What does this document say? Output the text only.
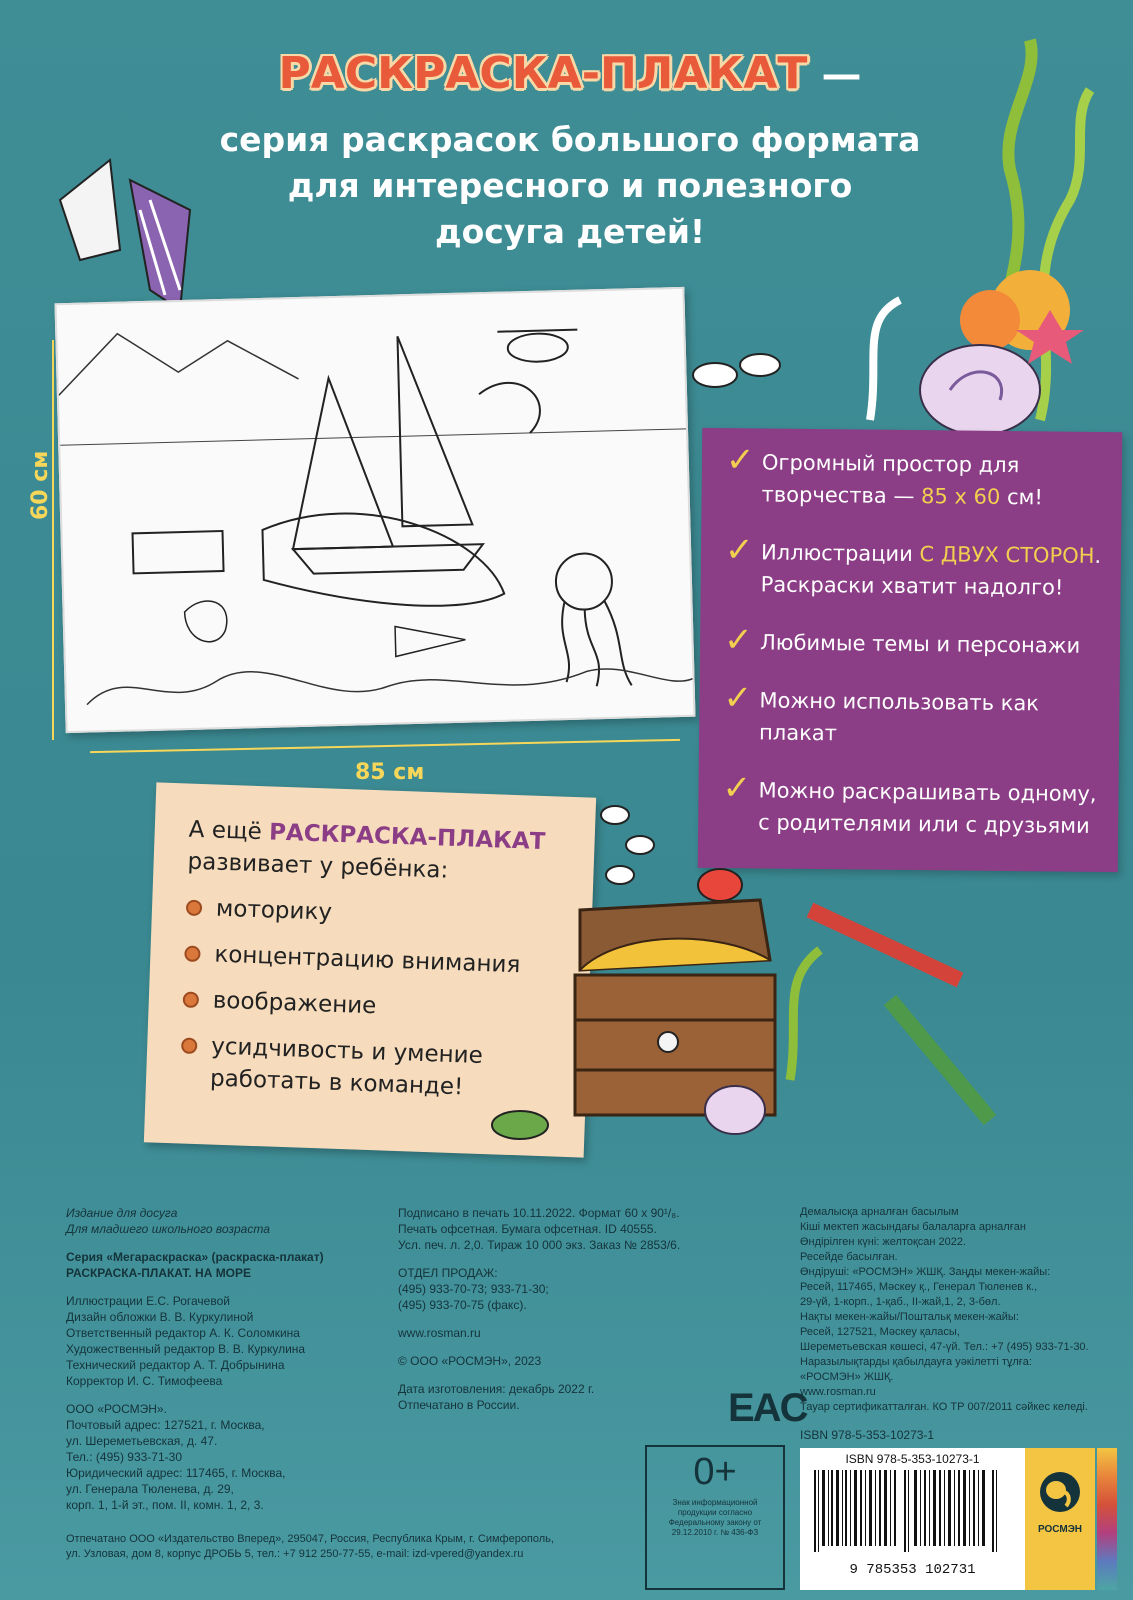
РАСКРАСКА-ПЛАКАТ —
серия раскрасок большого формата
для интересного и полезного
досуга детей!
60 см
85 см
✓ Огромный простор для творчества — 85 x 60 см!
✓ Иллюстрации С ДВУХ СТОРОН. Раскраски хватит надолго!
✓ Любимые темы и персонажи
✓ Можно использовать как плакат
✓ Можно раскрашивать одному, с родителями или с друзьями
А ещё РАСКРАСКА-ПЛАКАТ развивает у ребёнка:
моторику
концентрацию внимания
воображение
усидчивость и умение работать в команде!

Издание для досуга
Для младшего школьного возраста

Серия «Мегараскраска» (раскраска-плакат)
РАСКРАСКА-ПЛАКАТ. НА МОРЕ

Иллюстрации Е.С. Рогачевой
Дизайн обложки В. В. Куркулиной
Ответственный редактор А. К. Соломкина
Художественный редактор В. В. Куркулина
Технический редактор А. Т. Добрынина
Корректор И. С. Тимофеева

ООО «РОСМЭН».
Почтовый адрес: 127521, г. Москва,
ул. Шереметьевская, д. 47.
Тел.: (495) 933-71-30
Юридический адрес: 117465, г. Москва,
ул. Генерала Тюленева, д. 29,
корп. 1, 1-й эт., пом. II, комн. 1, 2, 3.

Подписано в печать 10.11.2022. Формат 60 х 90¹/₈.
Печать офсетная. Бумага офсетная. ID 40555.
Усл. печ. л. 2,0. Тираж 10 000 экз. Заказ № 2853/6.

ОТДЕЛ ПРОДАЖ:
(495) 933-70-73; 933-71-30;
(495) 933-70-75 (факс).

www.rosman.ru

© ООО «РОСМЭН», 2023

Дата изготовления: декабрь 2022 г.
Отпечатано в России.

Демалысқа арналған басылым
Кіші мектеп жасындағы балаларға арналған
Өндірілген күні: желтоқсан 2022.
Ресейде басылған.
Өндіруші: «РОСМЭН» ЖШҚ. Заңды мекен-жайы:
Ресей, 117465, Мәскеу қ., Генерал Тюленев к.,
29-үй, 1-корп., 1-қаб., II-жай,1, 2, 3-бөл.
Нақты мекен-жайы/Поштальқ мекен-жайы:
Ресей, 127521, Мәскеу қаласы,
Шереметьевская көшесі, 47-үй. Тел.: +7 (495) 933-71-30.
Наразылықтарды қабылдауға уәкілетті тұлға:
«РОСМЭН» ЖШҚ.
www.rosman.ru
Тауар сертификатталған. КО ТР 007/2011 сәйкес келеді.

Отпечатано ООО «Издательство Вперед», 295047, Россия, Республика Крым, г. Симферополь,
ул. Узловая, дом 8, корпус ДРОБЬ 5, тел.: +7 912 250-77-55, e-mail: izd-vpered@yandex.ru

EAC
0+
Знак информационной продукции согласно Федеральному закону от 29.12.2010 г. № 436-ФЗ
ISBN 978-5-353-10273-1
ISBN 978-5-353-10273-1
9 785353 102731
РОСМЭН
